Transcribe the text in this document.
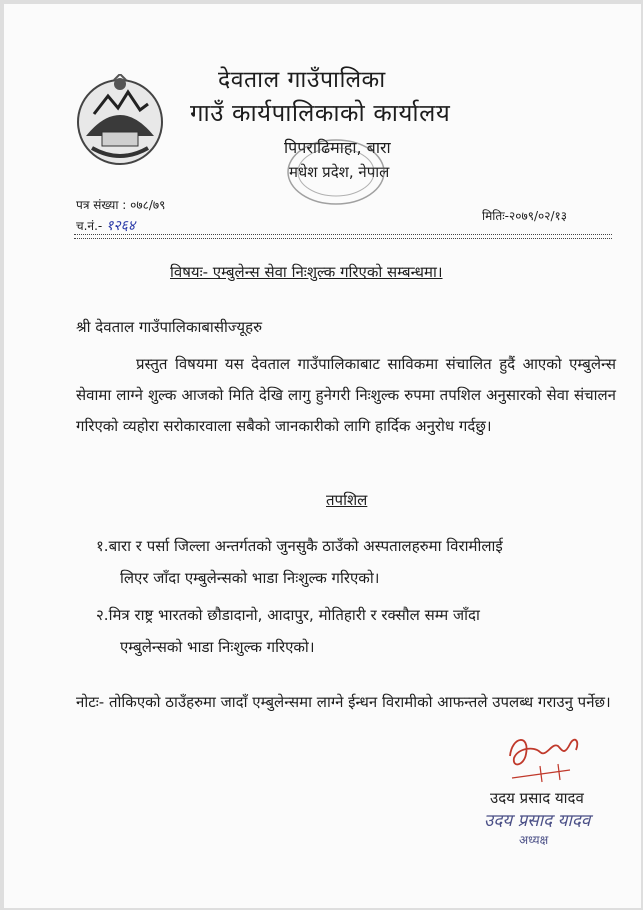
देवताल गाउँपालिका
गाउँ कार्यपालिकाको कार्यालय
पिपराढिमाहा, बारा
मधेश प्रदेश, नेपाल
पत्र संख्या : ०७८/७९
च.नं.- १२६४
मितिः-२०७९/०२/१३
विषयः- एम्बुलेन्स सेवा निःशुल्क गरिएको सम्बन्धमा।
श्री देवताल गाउँपालिकाबासीज्यूहरु
प्रस्तुत विषयमा यस देवताल गाउँपालिकाबाट साविकमा संचालित हुदैं आएको एम्बुलेन्स सेवामा लाग्ने शुल्क आजको मिति देखि लागु हुनेगरी निःशुल्क रुपमा तपशिल अनुसारको सेवा संचालन गरिएको व्यहोरा सरोकारवाला सबैको जानकारीको लागि हार्दिक अनुरोध गर्दछु।
तपशिल
१.बारा र पर्सा जिल्ला अन्तर्गतको जुनसुकै ठाउँको अस्पतालहरुमा विरामीलाई
लिएर जाँदा एम्बुलेन्सको भाडा निःशुल्क गरिएको।
२.मित्र राष्ट्र भारतको छौडादानो, आदापुर, मोतिहारी र रक्सौल सम्म जाँदा
एम्बुलेन्सको भाडा निःशुल्क गरिएको।
नोटः- तोकिएको ठाउँहरुमा जादाँ एम्बुलेन्समा लाग्ने ईन्धन विरामीको आफन्तले उपलब्ध गराउनु पर्नेछ।
उदय प्रसाद यादव
उदय प्रसाद यादव
अध्यक्ष
